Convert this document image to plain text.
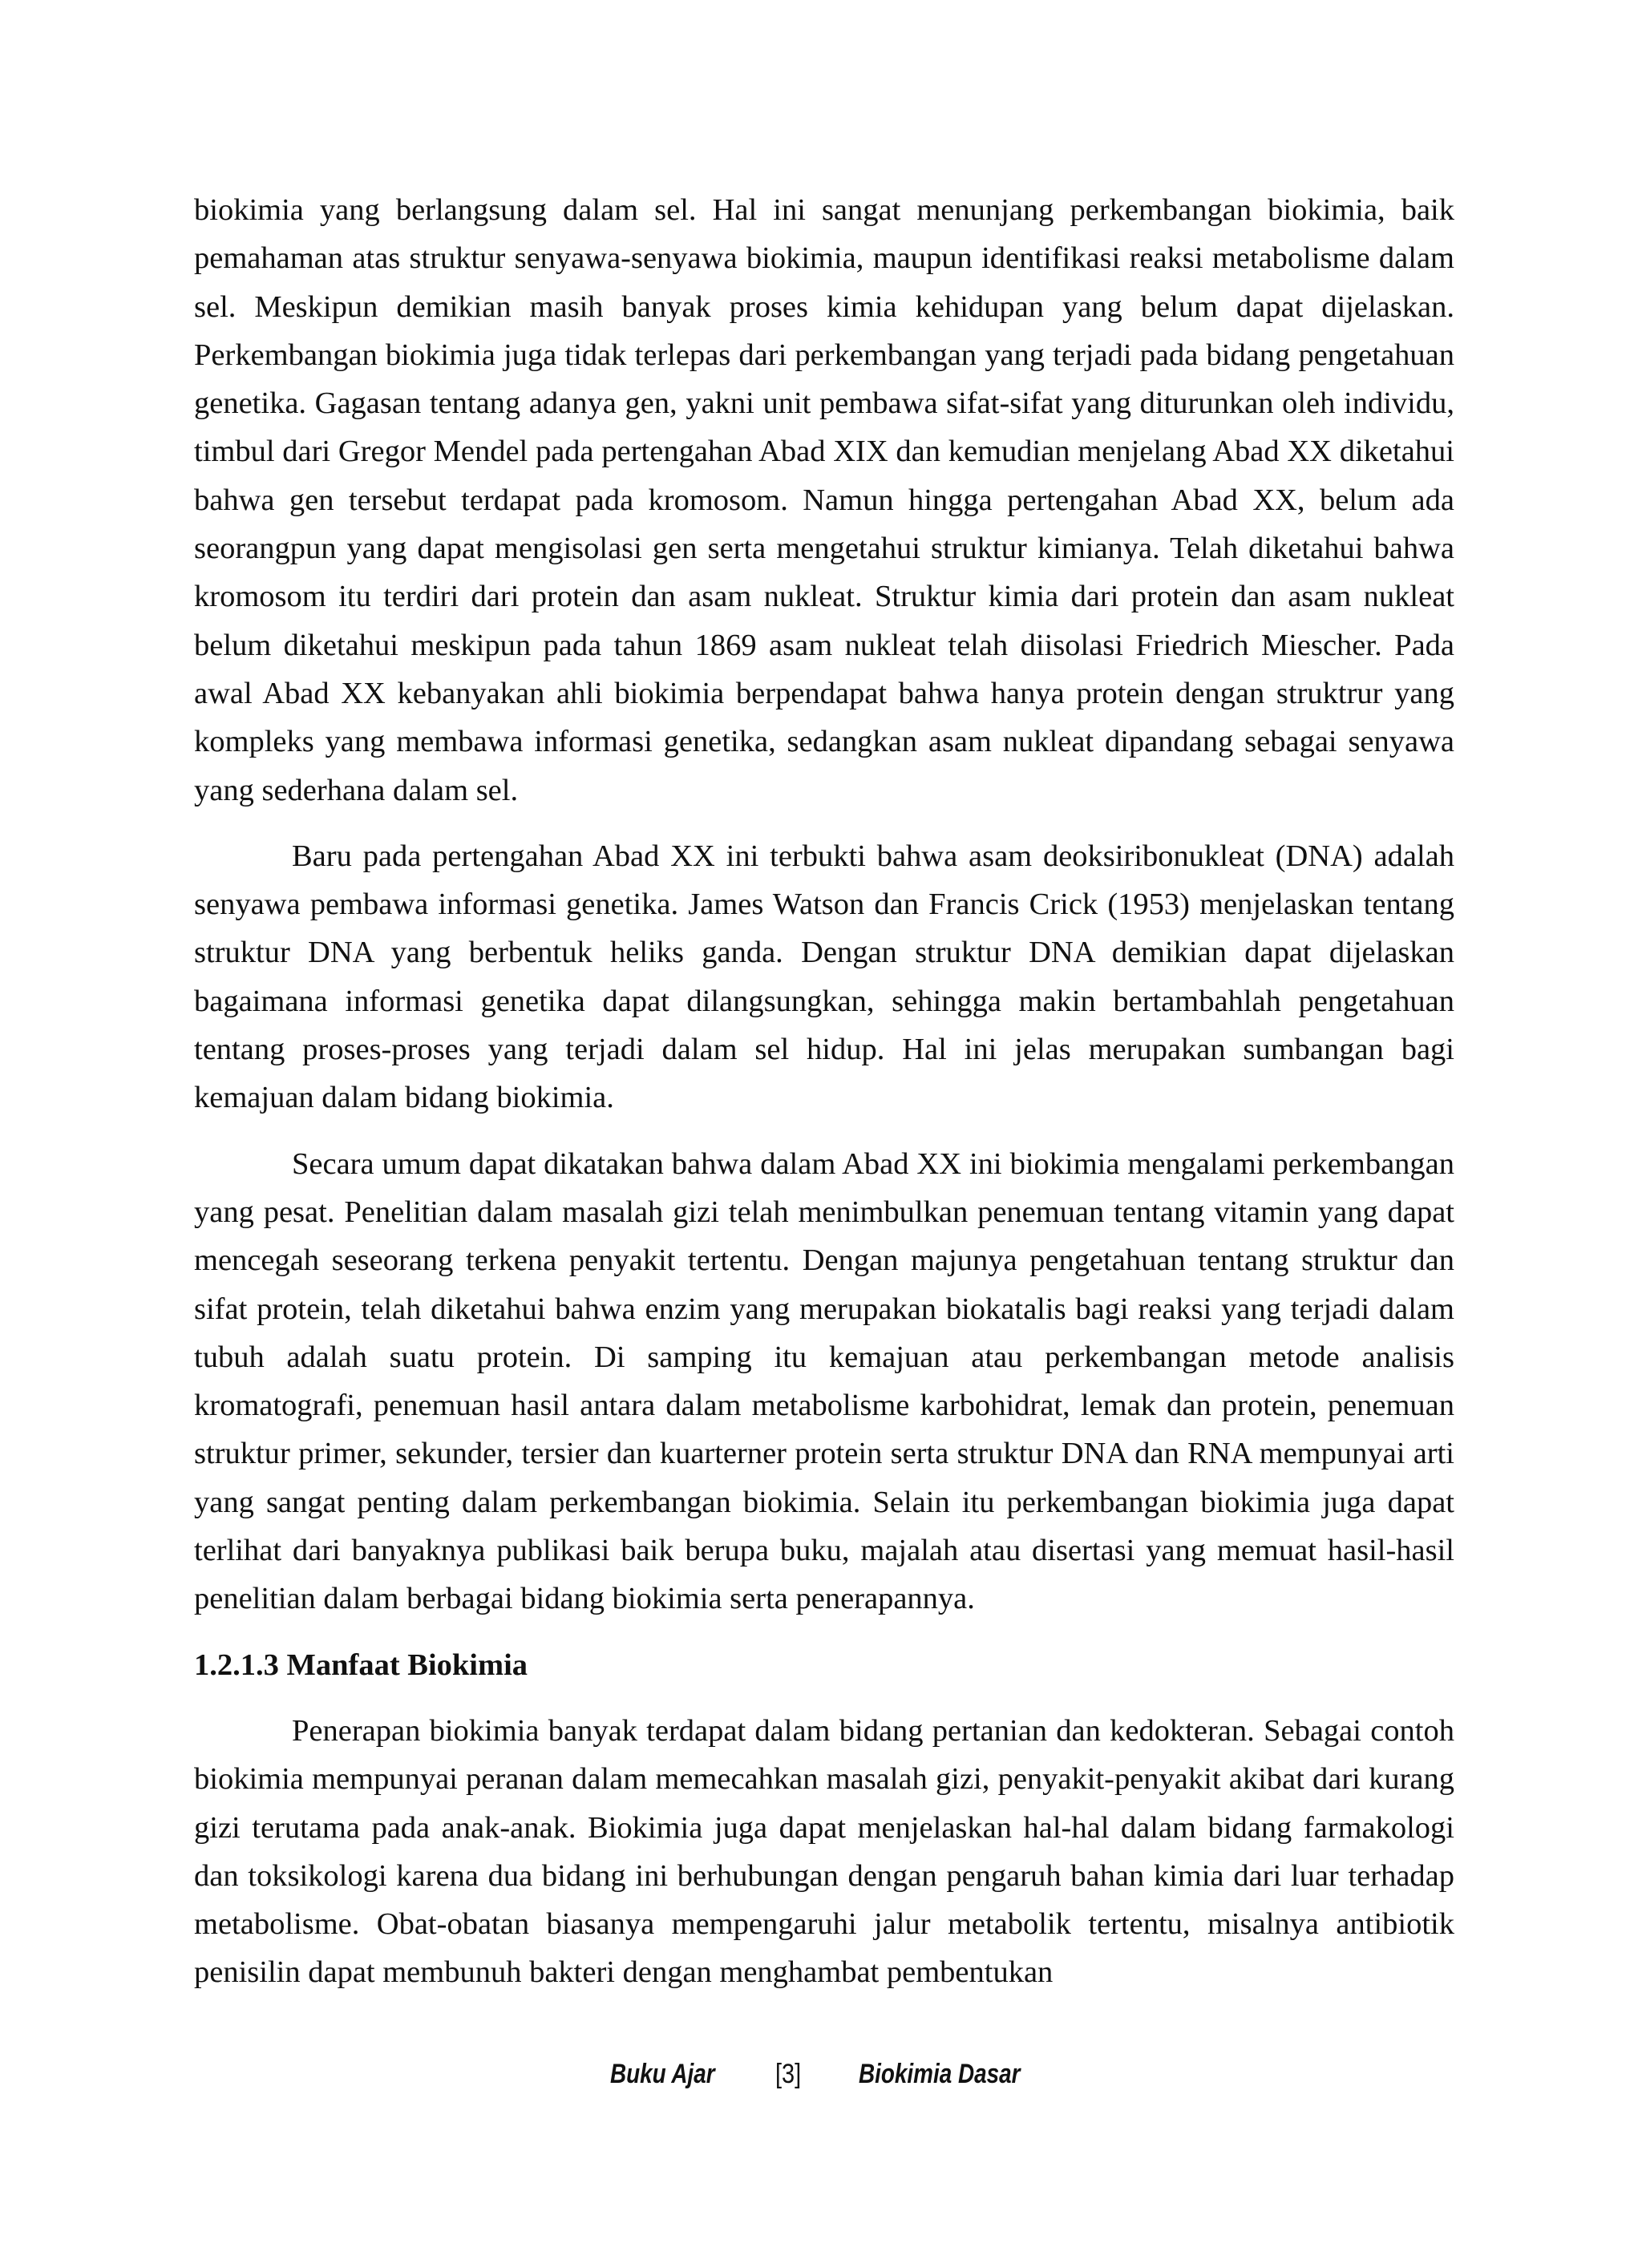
biokimia yang berlangsung dalam sel. Hal ini sangat menunjang perkembangan biokimia, baik pemahaman atas struktur senyawa-senyawa biokimia, maupun identifikasi reaksi metabolisme dalam sel. Meskipun demikian masih banyak proses kimia kehidupan yang belum dapat dijelaskan. Perkembangan biokimia juga tidak terlepas dari perkembangan yang terjadi pada bidang pengetahuan genetika. Gagasan tentang adanya gen, yakni unit pembawa sifat-sifat yang diturunkan oleh individu, timbul dari Gregor Mendel pada pertengahan Abad XIX dan kemudian menjelang Abad XX diketahui bahwa gen tersebut terdapat pada kromosom. Namun hingga pertengahan Abad XX, belum ada seorangpun yang dapat mengisolasi gen serta mengetahui struktur kimianya. Telah diketahui bahwa kromosom itu terdiri dari protein dan asam nukleat. Struktur kimia dari protein dan asam nukleat belum diketahui meskipun pada tahun 1869 asam nukleat telah diisolasi Friedrich Miescher. Pada awal Abad XX kebanyakan ahli biokimia berpendapat bahwa hanya protein dengan struktrur yang kompleks yang membawa informasi genetika, sedangkan asam nukleat dipandang sebagai senyawa yang sederhana dalam sel.

Baru pada pertengahan Abad XX ini terbukti bahwa asam deoksiribonukleat (DNA) adalah senyawa pembawa informasi genetika. James Watson dan Francis Crick (1953) menjelaskan tentang struktur DNA yang berbentuk heliks ganda. Dengan struktur DNA demikian dapat dijelaskan bagaimana informasi genetika dapat dilangsungkan, sehingga makin bertambahlah pengetahuan tentang proses-proses yang terjadi dalam sel hidup. Hal ini jelas merupakan sumbangan bagi kemajuan dalam bidang biokimia.

Secara umum dapat dikatakan bahwa dalam Abad XX ini biokimia mengalami perkembangan yang pesat. Penelitian dalam masalah gizi telah menimbulkan penemuan tentang vitamin yang dapat mencegah seseorang terkena penyakit tertentu. Dengan majunya pengetahuan tentang struktur dan sifat protein, telah diketahui bahwa enzim yang merupakan biokatalis bagi reaksi yang terjadi dalam tubuh adalah suatu protein. Di samping itu kemajuan atau perkembangan metode analisis kromatografi, penemuan hasil antara dalam metabolisme karbohidrat, lemak dan protein, penemuan struktur primer, sekunder, tersier dan kuarterner protein serta struktur DNA dan RNA mempunyai arti yang sangat penting dalam perkembangan biokimia. Selain itu perkembangan biokimia juga dapat terlihat dari banyaknya publikasi baik berupa buku, majalah atau disertasi yang memuat hasil-hasil penelitian dalam berbagai bidang biokimia serta penerapannya.

1.2.1.3 Manfaat Biokimia

Penerapan biokimia banyak terdapat dalam bidang pertanian dan kedokteran. Sebagai contoh biokimia mempunyai peranan dalam memecahkan masalah gizi, penyakit-penyakit akibat dari kurang gizi terutama pada anak-anak. Biokimia juga dapat menjelaskan hal-hal dalam bidang farmakologi dan toksikologi karena dua bidang ini berhubungan dengan pengaruh bahan kimia dari luar terhadap metabolisme. Obat-obatan biasanya mempengaruhi jalur metabolik tertentu, misalnya antibiotik penisilin dapat membunuh bakteri dengan menghambat pembentukan

Buku Ajar [3] Biokimia Dasar
